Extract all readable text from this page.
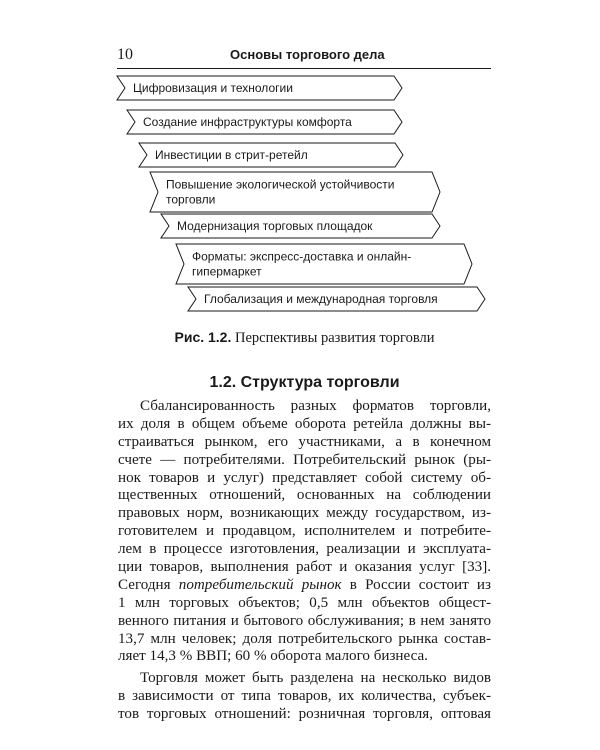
10	Основы торгового дела
Цифровизация и технологии
Создание инфраструктуры комфорта
Инвестиции в стрит-ретейл
Повышение экологической устойчивости
торговли
Модернизация торговых площадок
Форматы: экспресс-доставка и онлайн-
гипермаркет
Глобализация и международная торговля
Рис. 1.2. Перспективы развития торговли
1.2. Структура торговли
Сбалансированность разных форматов торговли,
их доля в общем объеме оборота ретейла должны вы-
страиваться рынком, его участниками, а в конечном
счете — потребителями. Потребительский рынок (ры-
нок товаров и услуг) представляет собой систему об-
щественных отношений, основанных на соблюдении
правовых норм, возникающих между государством, из-
готовителем и продавцом, исполнителем и потребите-
лем в процессе изготовления, реализации и эксплуата-
ции товаров, выполнения работ и оказания услуг [33].
Сегодня потребительский рынок в России состоит из
1 млн торговых объектов; 0,5 млн объектов общест-
венного питания и бытового обслуживания; в нем занято
13,7 млн человек; доля потребительского рынка состав-
ляет 14,3 % ВВП; 60 % оборота малого бизнеса.
Торговля может быть разделена на несколько видов
в зависимости от типа товаров, их количества, субъек-
тов торговых отношений: розничная торговля, оптовая
